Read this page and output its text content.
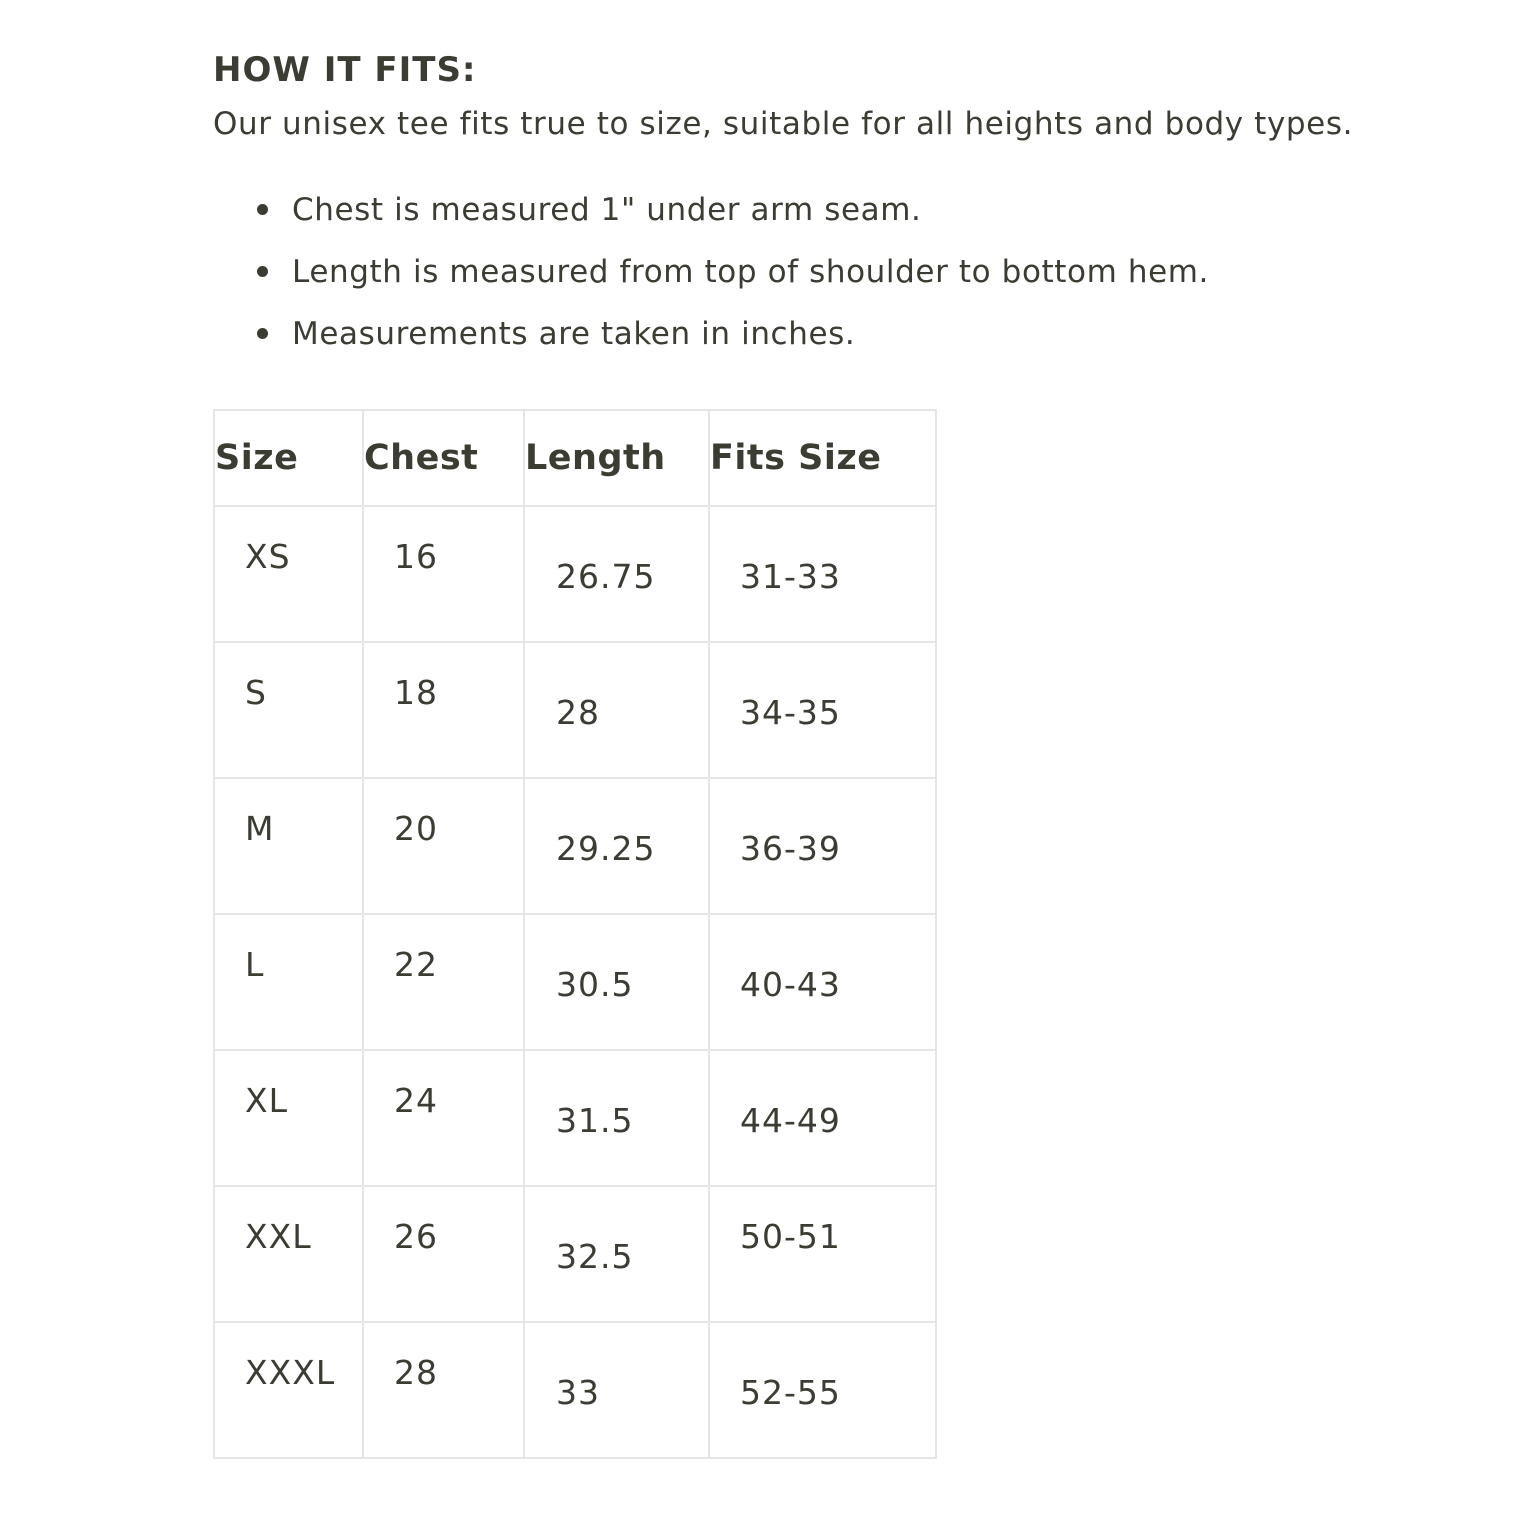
HOW IT FITS:

Our unisex tee fits true to size, suitable for all heights and body types.

Chest is measured 1" under arm seam.
Length is measured from top of shoulder to bottom hem.
Measurements are taken in inches.
Size	Chest	Length	Fits Size

XS	16	26.75	31-33

S	18	28	34-35

M	20	29.25	36-39

L	22	30.5	40-43

XL	24	31.5	44-49

XXL	26	32.5	50-51

XXXL	28	33	52-55
